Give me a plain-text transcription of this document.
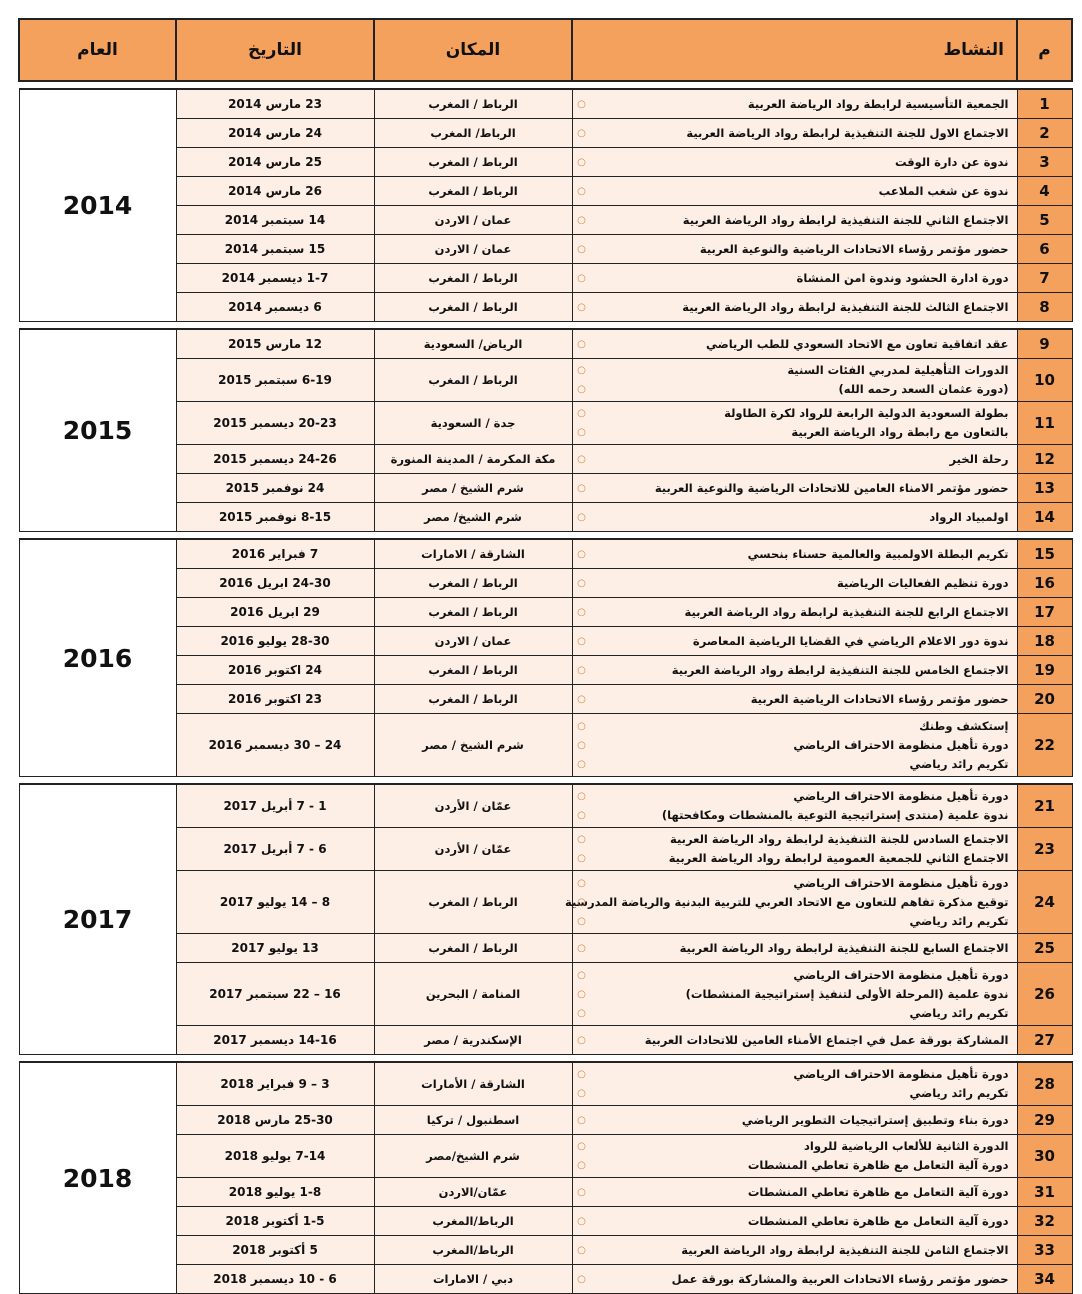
م	النشاط	المكان	التاريخ	العام

1	الجمعية التأسيسية لرابطة رواد الرياضة العربية ○	الرباط / المغرب	23 مارس 2014	2014
2	الاجتماع الاول للجنة التنفيذية لرابطة رواد الرياضة العربية ○	الرباط/ المغرب	24 مارس 2014	
3	ندوة عن دارة الوقت ○	الرباط / المغرب	25 مارس 2014	
4	ندوة عن شغب الملاعب ○	الرباط / المغرب	26 مارس 2014	
5	الاجتماع الثاني للجنة التنفيذية لرابطة رواد الرياضة العربية ○	عمان / الاردن	14 سبتمبر 2014	
6	حضور مؤتمر رؤساء الاتحادات الرياضية والنوعية العربية ○	عمان / الاردن	15 سبتمبر 2014	
7	دورة ادارة الحشود وندوة امن المنشاة ○	الرباط / المغرب	1-7 ديسمبر 2014	
8	الاجتماع الثالث للجنة التنفيذية لرابطة رواد الرياضة العربية ○	الرباط / المغرب	6 ديسمبر 2014	

9	عقد اتفاقية تعاون مع الاتحاد السعودي للطب الرياضي ○	الرياض/ السعودية	12 مارس 2015	2015
10	الدورات التأهيلية لمدربي الفئات السنية ○
(دورة عثمان السعد رحمه الله) ○	الرباط / المغرب	6-19 سبتمبر 2015	
11	بطولة السعودية الدولية الرابعة للرواد لكرة الطاولة ○
بالتعاون مع رابطة رواد الرياضة العربية ○	جدة / السعودية	20-23 ديسمبر 2015	
12	رحلة الخير ○	مكة المكرمة / المدينة المنورة	24-26 ديسمبر 2015	
13	حضور مؤتمر الامناء العامين للاتحادات الرياضية والنوعية العربية ○	شرم الشيخ / مصر	24 نوفمبر 2015	
14	اولمبياد الرواد ○	شرم الشيخ/ مصر	8-15 نوفمبر 2015	

15	تكريم البطلة الاولمبية والعالمية حسناء بنحسي ○	الشارقة / الامارات	7 فبراير 2016	2016
16	دورة تنظيم الفعاليات الرياضية ○	الرباط / المغرب	24-30 ابريل 2016	
17	الاجتماع الرابع للجنة التنفيذية لرابطة رواد الرياضة العربية ○	الرباط / المغرب	29 ابريل 2016	
18	ندوة دور الاعلام الرياضي في القضايا الرياضية المعاصرة ○	عمان / الاردن	28-30 يوليو 2016	
19	الاجتماع الخامس للجنة التنفيذية لرابطة رواد الرياضة العربية ○	الرباط / المغرب	24 اكتوبر 2016	
20	حضور مؤتمر رؤساء الاتحادات الرياضية العربية ○	الرباط / المغرب	23 اكتوبر 2016	
22	إستكشف وطنك ○
دورة تأهيل منظومة الاحتراف الرياضي ○
تكريم رائد رياضي ○	شرم الشيخ / مصر	24 – 30 ديسمبر 2016	

21	دورة تأهيل منظومة الاحتراف الرياضي ○
ندوة علمية (منتدى إستراتيجية التوعية بالمنشطات ومكافحتها) ○	عمّان / الأردن	1 - 7 أبريل 2017	2017
23	الاجتماع السادس للجنة التنفيذية لرابطة رواد الرياضة العربية ○
الاجتماع الثاني للجمعية العمومية لرابطة رواد الرياضة العربية ○	عمّان / الأردن	6 - 7 أبريل 2017	
24	دورة تأهيل منظومة الاحتراف الرياضي ○
توقيع مذكرة تفاهم للتعاون مع الاتحاد العربي للتربية البدنية والرياضة المدرسية ○
تكريم رائد رياضي ○	الرباط / المغرب	8 – 14 يوليو 2017	
25	الاجتماع السابع للجنة التنفيذية لرابطة رواد الرياضة العربية ○	الرباط / المغرب	13 يوليو 2017	
26	دورة تأهيل منظومة الاحتراف الرياضي ○
ندوة علمية (المرحلة الأولى لتنفيذ إستراتيجية المنشطات) ○
تكريم رائد رياضي ○	المنامة / البحرين	16 – 22 سبتمبر 2017	
27	المشاركة بورقة عمل في اجتماع الأمناء العامين للاتحادات العربية ○	الإسكندرية / مصر	14-16 ديسمبر 2017	

28	دورة تأهيل منظومة الاحتراف الرياضي ○
تكريم رائد رياضي ○	الشارقة / الأمارات	3 – 9 فبراير 2018	2018
29	دورة بناء وتطبيق إستراتيجيات التطوير الرياضي ○	اسطنبول / تركيا	25-30 مارس 2018	
30	الدورة الثانية للألعاب الرياضية للرواد ○
دورة آلية التعامل مع ظاهرة تعاطي المنشطات ○	شرم الشيخ/مصر	7-14 يوليو 2018	
31	دورة آلية التعامل مع ظاهرة تعاطي المنشطات ○	عمّان/الاردن	1-8 يوليو 2018	
32	دورة آلية التعامل مع ظاهرة تعاطي المنشطات ○	الرباط/المغرب	1-5 أكتوبر 2018	
33	الاجتماع الثامن للجنة التنفيذية لرابطة رواد الرياضة العربية ○	الرباط/المغرب	5 أكتوبر 2018	
34	حضور مؤتمر رؤساء الاتحادات العربية والمشاركة بورقة عمل ○	دبي / الامارات	6 - 10 ديسمبر 2018	
